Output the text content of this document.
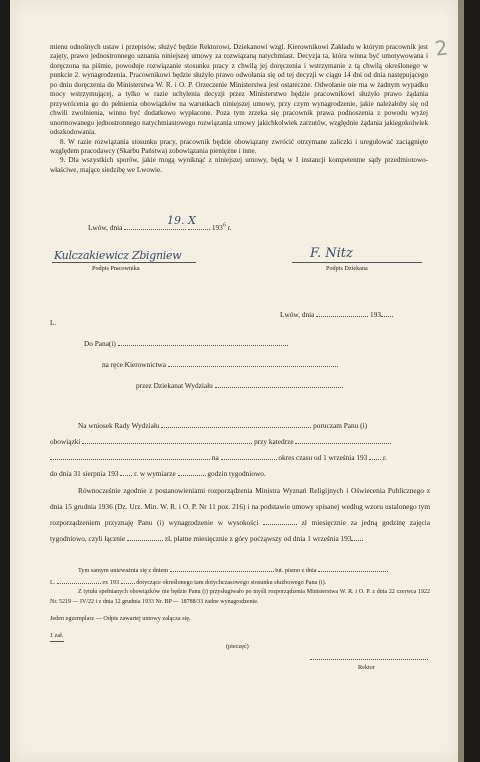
2
mienu odnośnych ustaw i przepisów, służyć będzie Rektorowi, Dziekanowi wzgl. Kierownikowi Zakładu w którym pracownik jest zajęty, prawo jednostronnego uznania niniejszej umowy za rozwiązaną natychmiast. Decyzja ta, która winna być umotywowana i doręczona na piśmie, powoduje rozwiązanie stosunku pracy z chwilą jej doręczenia i wstrzymanie z tą chwilą określonego w punkcie 2. wynagrodzenia. Pracownikowi będzie służyło prawo odwołania się od tej decyzji w ciągu 14 dni od dnia następującego po dniu doręczenia do Ministerstwa W. R. i O. P. Orzeczenie Ministerstwa jest ostateczne. Odwołanie nie ma w żadnym wypadku mocy wstrzymującej, a tylko w razie uchylenia decyzji przez Ministerstwo będzie pracownikowi służyło prawo żądania przywrócenia go do pełnienia obowiązków na warunkach niniejszej umowy, przy czym wynagrodzenie, jakie należałoby się od chwili zwolnienia, winno być dodatkowo wypłacone. Poza tym zrzeka się pracownik prawa podnoszenia z powodu wyżej unormowanego jednostronnego natychmiastowego rozwiązania umowy jakichkolwiek zarzutów, względnie żądania jakiegokolwiek odszkodowania.
8. W razie rozwiązania stosunku pracy, pracownik będzie obowiązany zwrócić otrzymane zaliczki i uregulować zaciągnięte względem pracodawcy (Skarbu Państwa) zobowiązania pieniężne i inne.
9. Dla wszystkich sporów, jakie mogą wyniknąć z niniejszej umowy, będą w I instancji kompetentne sądy przedmiotowo-właściwe, mające siedzibę we Lwowie.
Lwów, dnia	$193^6$ r.
19. X
Kulczakiewicz Zbigniew
Podpis Pracownika
F. Nitz
Podpis Dziekana
Lwów, dnia	193
L.
Do Pana(i)
na ręce Kierownictwa
przez Dziekanat Wydziału
Na wniosek Rady Wydziału	poruczam Panu (i)
obowiązki	przy katedrze
na	okres czasu od 1 września 193 r.
do dnia 31 sierpnia 193 r. w wymiarze	godzin tygodniowo.
Równocześnie zgodnie z postanowieniami rozporządzenia Ministra Wyznań Religijnych i Oświecenia Publicznego z dnia 15 grudnia 1936 (Dz. Urz. Min. W. R. i O. P. Nr 11 poz. 216) i na podstawie umowy spisanej według wzoru ustalonego tym rozporządzeniem przyznaję Panu (i) wynagrodzenie w wysokości	zł miesięcznie za jedną godzinę zajęcia tygodniowo, czyli łącznie	zł, płatne miesięcznie z góry począwszy od dnia 1 września 193
Tym samym unieważnia się z dniem	tut. pismo z dnia
L.	ex 193	dotyczące określonego tam dotychczasowego stosunku służbowego Pana (i).
Z tytułu spełnianych obowiązków nie będzie Panu (i) przysługiwało po myśli rozporządzenia Ministerstwa W. R. i O. P. z dnia 22 czerwca 1922 Nr. 5219 — IV/22 i z dnia 12 grudnia 1933 Nr. BP — 18788/33 żadne wynagrodzenie.
Jeden egzemplarz — Odpis zawartej umowy załącza się.
1 zał.
(pieczęć)
Rektor
